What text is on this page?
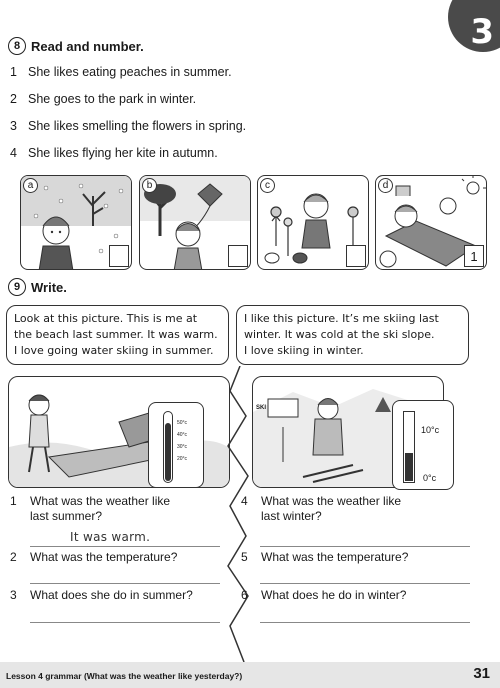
3
8 Read and number.
1 She likes eating peaches in summer.
2 She goes to the park in winter.
3 She likes smelling the flowers in spring.
4 She likes flying her kite in autumn.
a	b	c	d
1
9 Write.
Look at this picture. This is me at
the beach last summer. It was warm.
I love going water skiing in summer.
I like this picture. It’s me skiing last
winter. It was cold at the ski slope.
I love skiing in winter.
50°c
40°c
30°c
20°c
SKI
10°c
0°c
1	What was the weather like
last summer?
It was warm.
2	What was the temperature?
3	What does she do in summer?
4	What was the weather like
last winter?
5	What was the temperature?
6	What does he do in winter?
Lesson 4 grammar (What was the weather like yesterday?)	31
